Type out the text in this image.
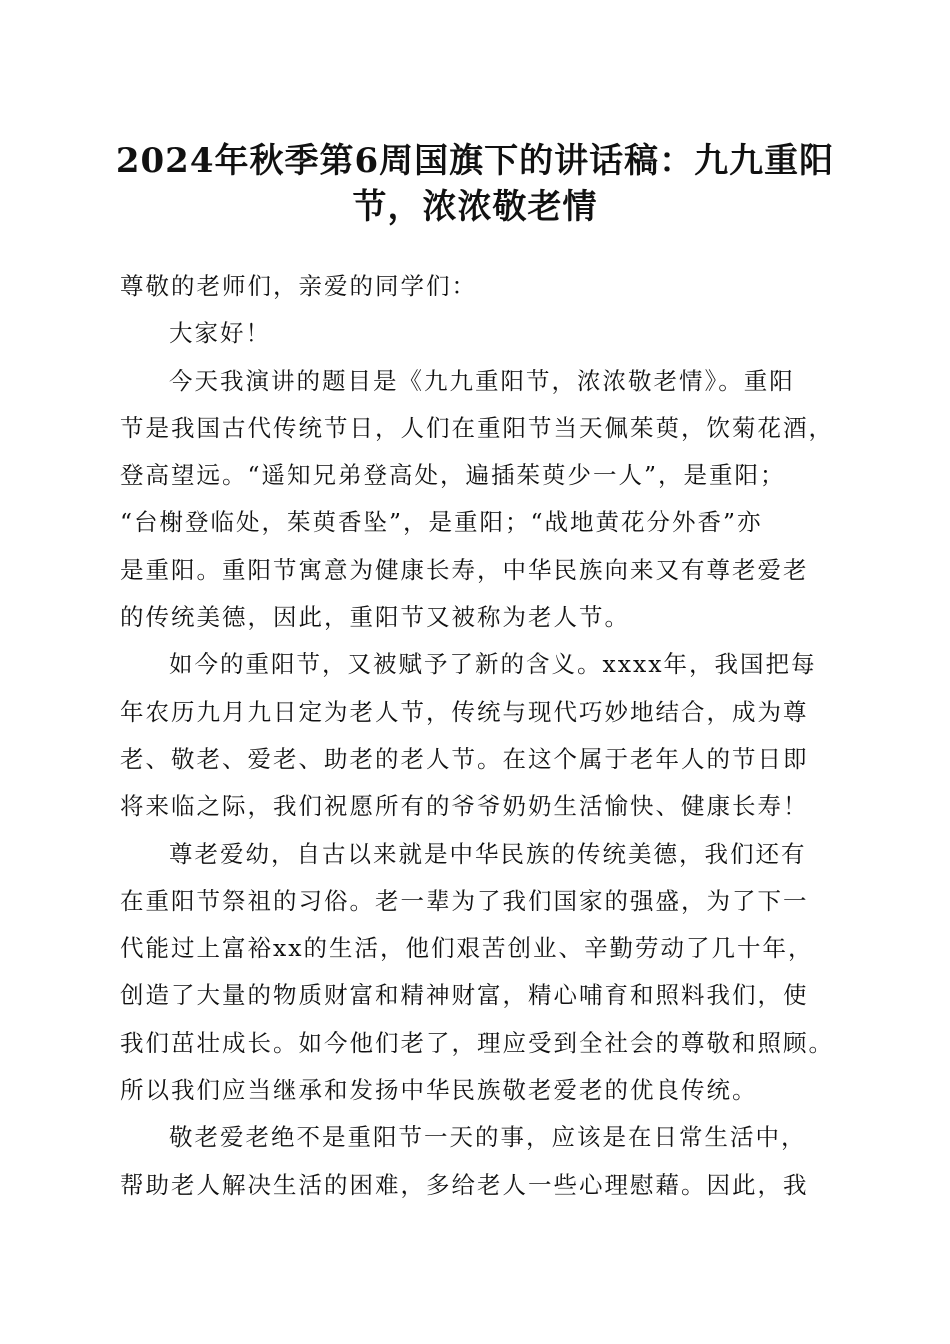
2024年秋季第6周国旗下的讲话稿：九九重阳
节，浓浓敬老情
尊敬的老师们，亲爱的同学们：
大家好！
今天我演讲的题目是《九九重阳节，浓浓敬老情》。重阳
节是我国古代传统节日，人们在重阳节当天佩茱萸，饮菊花酒，
登高望远。“遥知兄弟登高处，遍插茱萸少一人”，是重阳；
“台榭登临处，茱萸香坠”，是重阳；“战地黄花分外香”亦
是重阳。重阳节寓意为健康长寿，中华民族向来又有尊老爱老
的传统美德，因此，重阳节又被称为老人节。
如今的重阳节，又被赋予了新的含义。xxxx年，我国把每
年农历九月九日定为老人节，传统与现代巧妙地结合，成为尊
老、敬老、爱老、助老的老人节。在这个属于老年人的节日即
将来临之际，我们祝愿所有的爷爷奶奶生活愉快、健康长寿！
尊老爱幼，自古以来就是中华民族的传统美德，我们还有
在重阳节祭祖的习俗。老一辈为了我们国家的强盛，为了下一
代能过上富裕xx的生活，他们艰苦创业、辛勤劳动了几十年，
创造了大量的物质财富和精神财富，精心哺育和照料我们，使
我们茁壮成长。如今他们老了，理应受到全社会的尊敬和照顾。
所以我们应当继承和发扬中华民族敬老爱老的优良传统。
敬老爱老绝不是重阳节一天的事，应该是在日常生活中，
帮助老人解决生活的困难，多给老人一些心理慰藉。因此，我
